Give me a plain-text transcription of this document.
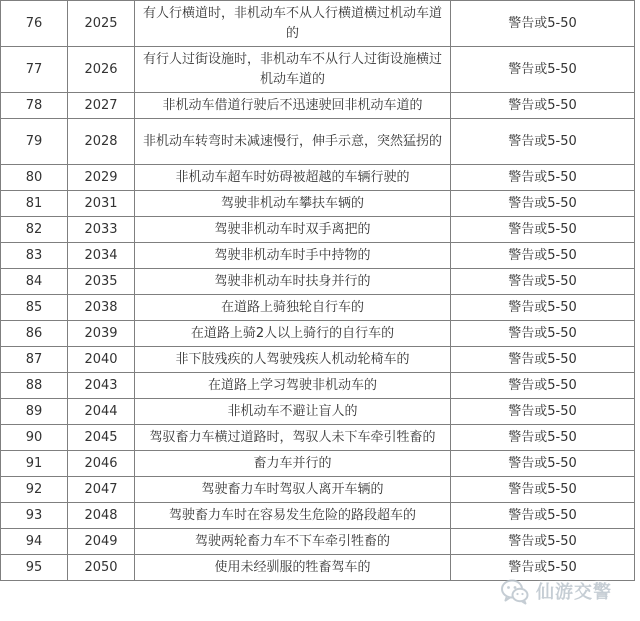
76	2025	有人行横道时，非机动车不从人行横道横过机动车道的	警告或5-50
77	2026	有行人过街设施时，非机动车不从行人过街设施横过机动车道的	警告或5-50
78	2027	非机动车借道行驶后不迅速驶回非机动车道的	警告或5-50
79	2028	非机动车转弯时未减速慢行，伸手示意，突然猛拐的	警告或5-50
80	2029	非机动车超车时妨碍被超越的车辆行驶的	警告或5-50
81	2031	驾驶非机动车攀扶车辆的	警告或5-50
82	2033	驾驶非机动车时双手离把的	警告或5-50
83	2034	驾驶非机动车时手中持物的	警告或5-50
84	2035	驾驶非机动车时扶身并行的	警告或5-50
85	2038	在道路上骑独轮自行车的	警告或5-50
86	2039	在道路上骑2人以上骑行的自行车的	警告或5-50
87	2040	非下肢残疾的人驾驶残疾人机动轮椅车的	警告或5-50
88	2043	在道路上学习驾驶非机动车的	警告或5-50
89	2044	非机动车不避让盲人的	警告或5-50
90	2045	驾驭畜力车横过道路时，驾驭人未下车牵引牲畜的	警告或5-50
91	2046	畜力车并行的	警告或5-50
92	2047	驾驶畜力车时驾驭人离开车辆的	警告或5-50
93	2048	驾驶畜力车时在容易发生危险的路段超车的	警告或5-50
94	2049	驾驶两轮畜力车不下车牵引牲畜的	警告或5-50
95	2050	使用未经驯服的牲畜驾车的	警告或5-50
仙游交警
